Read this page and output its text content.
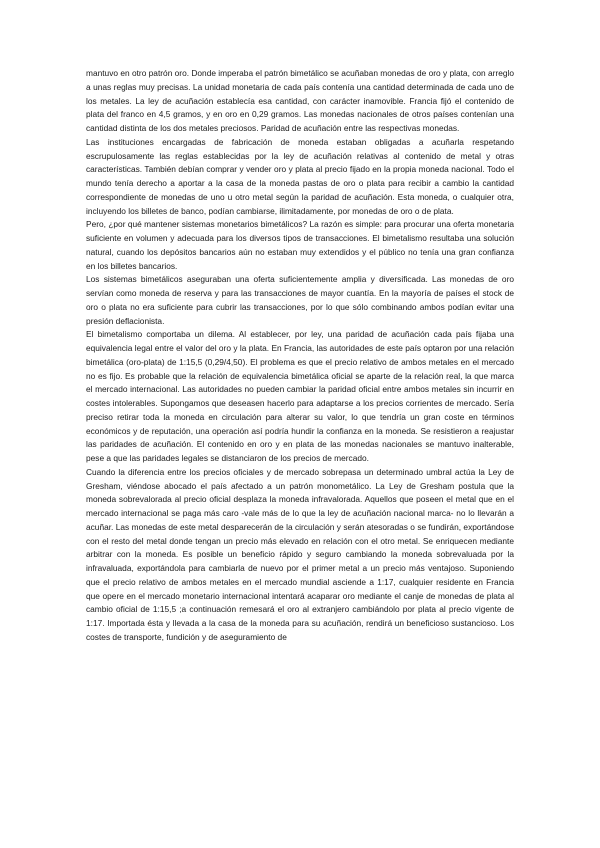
mantuvo en otro patrón oro. Donde imperaba el patrón bimetálico se acuñaban monedas de oro y plata, con arreglo a unas reglas muy precisas. La unidad monetaria de cada país contenía una cantidad determinada de cada uno de los metales. La ley de acuñación establecía esa cantidad, con carácter inamovible. Francia fijó el contenido de plata del franco en 4,5 gramos, y en oro en 0,29 gramos. Las monedas nacionales de otros países contenían una cantidad distinta de los dos metales preciosos. Paridad de acuñación entre las respectivas monedas.

Las instituciones encargadas de fabricación de moneda estaban obligadas a acuñarla respetando escrupulosamente las reglas establecidas por la ley de acuñación relativas al contenido de metal y otras características. También debían comprar y vender oro y plata al precio fijado en la propia moneda nacional. Todo el mundo tenía derecho a aportar a la casa de la moneda pastas de oro o plata para recibir a cambio la cantidad correspondiente de monedas de uno u otro metal según la paridad de acuñación. Esta moneda, o cualquier otra, incluyendo los billetes de banco, podían cambiarse, ilimitadamente, por monedas de oro o de plata.

Pero, ¿por qué mantener sistemas monetarios bimetálicos? La razón es simple: para procurar una oferta monetaria suficiente en volumen y adecuada para los diversos tipos de transacciones. El bimetalismo resultaba una solución natural, cuando los depósitos bancarios aún no estaban muy extendidos y el público no tenía una gran confianza en los billetes bancarios.

Los sistemas bimetálicos aseguraban una oferta suficientemente amplia y diversificada. Las monedas de oro servían como moneda de reserva y para las transacciones de mayor cuantía. En la mayoría de países el stock de oro o plata no era suficiente para cubrir las transacciones, por lo que sólo combinando ambos podían evitar una presión deflacionista.

El bimetalismo comportaba un dilema. Al establecer, por ley, una paridad de acuñación cada país fijaba una equivalencia legal entre el valor del oro y la plata. En Francia, las autoridades de este país optaron por una relación bimetálica (oro-plata) de 1:15,5 (0,29/4,50). El problema es que el precio relativo de ambos metales en el mercado no es fijo. Es probable que la relación de equivalencia bimetálica oficial se aparte de la relación real, la que marca el mercado internacional. Las autoridades no pueden cambiar la paridad oficial entre ambos metales sin incurrir en costes intolerables. Supongamos que deseasen hacerlo para adaptarse a los precios corrientes de mercado. Sería preciso retirar toda la moneda en circulación para alterar su valor, lo que tendría un gran coste en términos económicos y de reputación, una operación así podría hundir la confianza en la moneda. Se resistieron a reajustar las paridades de acuñación. El contenido en oro y en plata de las monedas nacionales se mantuvo inalterable, pese a que las paridades legales se distanciaron de los precios de mercado.

Cuando la diferencia entre los precios oficiales y de mercado sobrepasa un determinado umbral actúa la Ley de Gresham, viéndose abocado el país afectado a un patrón monometálico. La Ley de Gresham postula que la moneda sobrevalorada al precio oficial desplaza la moneda infravalorada. Aquellos que poseen el metal que en el mercado internacional se paga más caro -vale más de lo que la ley de acuñación nacional marca- no lo llevarán a acuñar. Las monedas de este metal desparecerán de la circulación y serán atesoradas o se fundirán, exportándose con el resto del metal donde tengan un precio más elevado en relación con el otro metal. Se enriquecen mediante arbitrar con la moneda. Es posible un beneficio rápido y seguro cambiando la moneda sobrevaluada por la infravaluada, exportándola para cambiarla de nuevo por el primer metal a un precio más ventajoso. Suponiendo que el precio relativo de ambos metales en el mercado mundial asciende a 1:17, cualquier residente en Francia que opere en el mercado monetario internacional intentará acaparar oro mediante el canje de monedas de plata al cambio oficial de 1:15,5 ;a continuación remesará el oro al extranjero cambiándolo por plata al precio vigente de 1:17. Importada ésta y llevada a la casa de la moneda para su acuñación, rendirá un beneficioso sustancioso. Los costes de transporte, fundición y de aseguramiento de
